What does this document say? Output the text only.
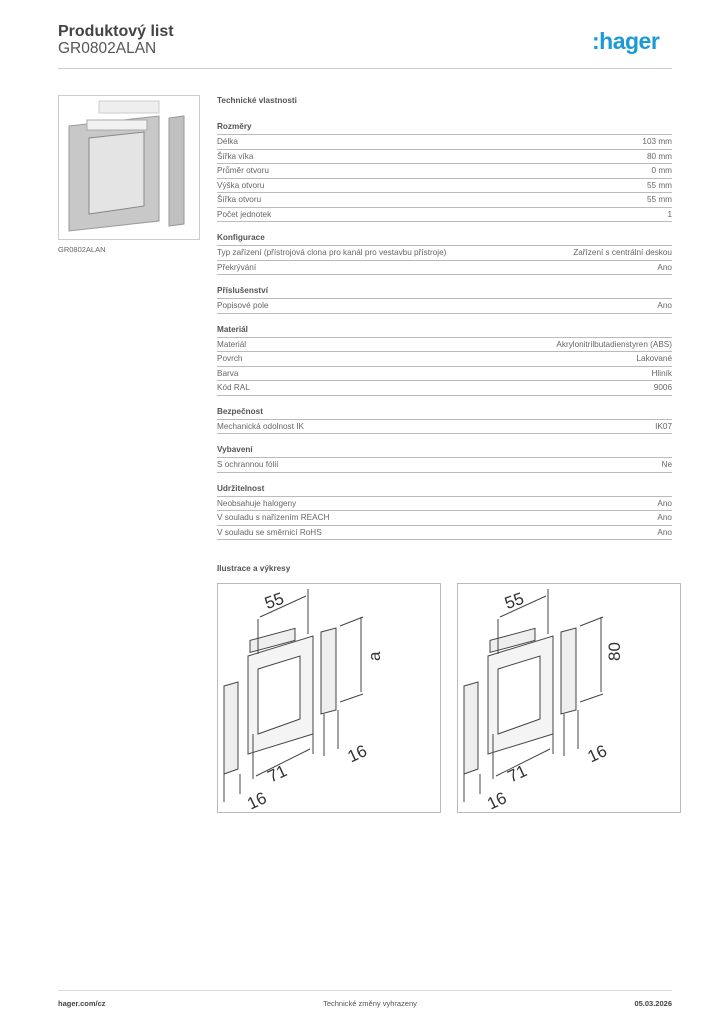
Produktový list
GR0802ALAN	:hager
GR0802ALAN
Technické vlastnosti
Rozměry
Délka	103 mm
Šířka víka	80 mm
Průměr otvoru	0 mm
Výška otvoru	55 mm
Šířka otvoru	55 mm
Počet jednotek	1
Konfigurace
Typ zařízení (přístrojová clona pro kanál pro vestavbu přístroje)	Zařízení s centrální deskou
Překrývání	Ano
Příslušenství
Popisové pole	Ano
Materiál
Materiál	Akrylonitrilbutadienstyren (ABS)
Povrch	Lakované
Barva	Hliník
Kód RAL	9006
Bezpečnost
Mechanická odolnost IK	IK07
Vybavení
S ochrannou fólií	Ne
Udržitelnost
Neobsahuje halogeny	Ano
V souladu s nařízením REACH	Ano
V souladu se směrnicí RoHS	Ano
Ilustrace a výkresy
55
a
71
16
16
55
80
71
16
16
hager.com/cz	Technické změny vyhrazeny	05.03.2026
